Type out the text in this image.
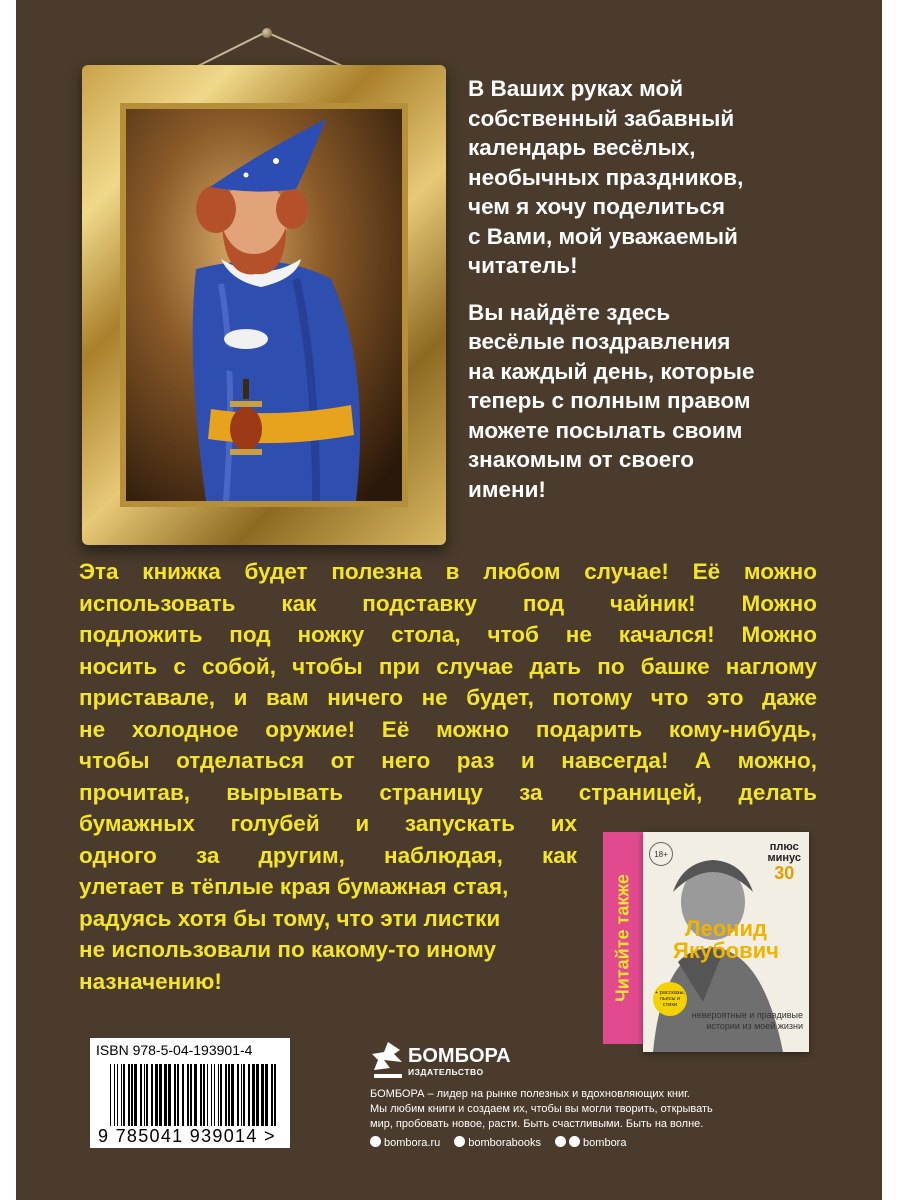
В Ваших руках мой
собственный забавный
календарь весёлых,
необычных праздников,
чем я хочу поделиться
с Вами, мой уважаемый
читатель!

Вы найдёте здесь
весёлые поздравления
на каждый день, которые
теперь с полным правом
можете посылать своим
знакомым от своего
имени!

Эта книжка будет полезна в любом случае! Её можно
использовать как подставку под чайник! Можно
подложить под ножку стола, чтоб не качался! Можно
носить с собой, чтобы при случае дать по башке наглому
приставале, и вам ничего не будет, потому что это даже
не холодное оружие! Её можно подарить кому-нибудь,
чтобы отделаться от него раз и навсегда! А можно,
прочитав, вырывать страницу за страницей, делать
бумажных голубей и запускать их
одного за другим, наблюдая, как
улетает в тёплые края бумажная стая,
радуясь хотя бы тому, что эти листки
не использовали по какому-то иному
назначению!	Читайте также
18+
плюс
минус
30
Леонид
Якубович
+ рассказы, пьесы и стихи
невероятные и правдивые истории из моей жизни
ISBN 978-5-04-193901-4
9 785041 939014 >
БОМБОРА
ИЗДАТЕЛЬСТВО
БОМБОРА – лидер на рынке полезных и вдохновляющих книг.
Мы любим книги и создаем их, чтобы вы могли творить, открывать
мир, пробовать новое, расти. Быть счастливыми. Быть на волне.
bombora.ru	bomborabooks	bombora
